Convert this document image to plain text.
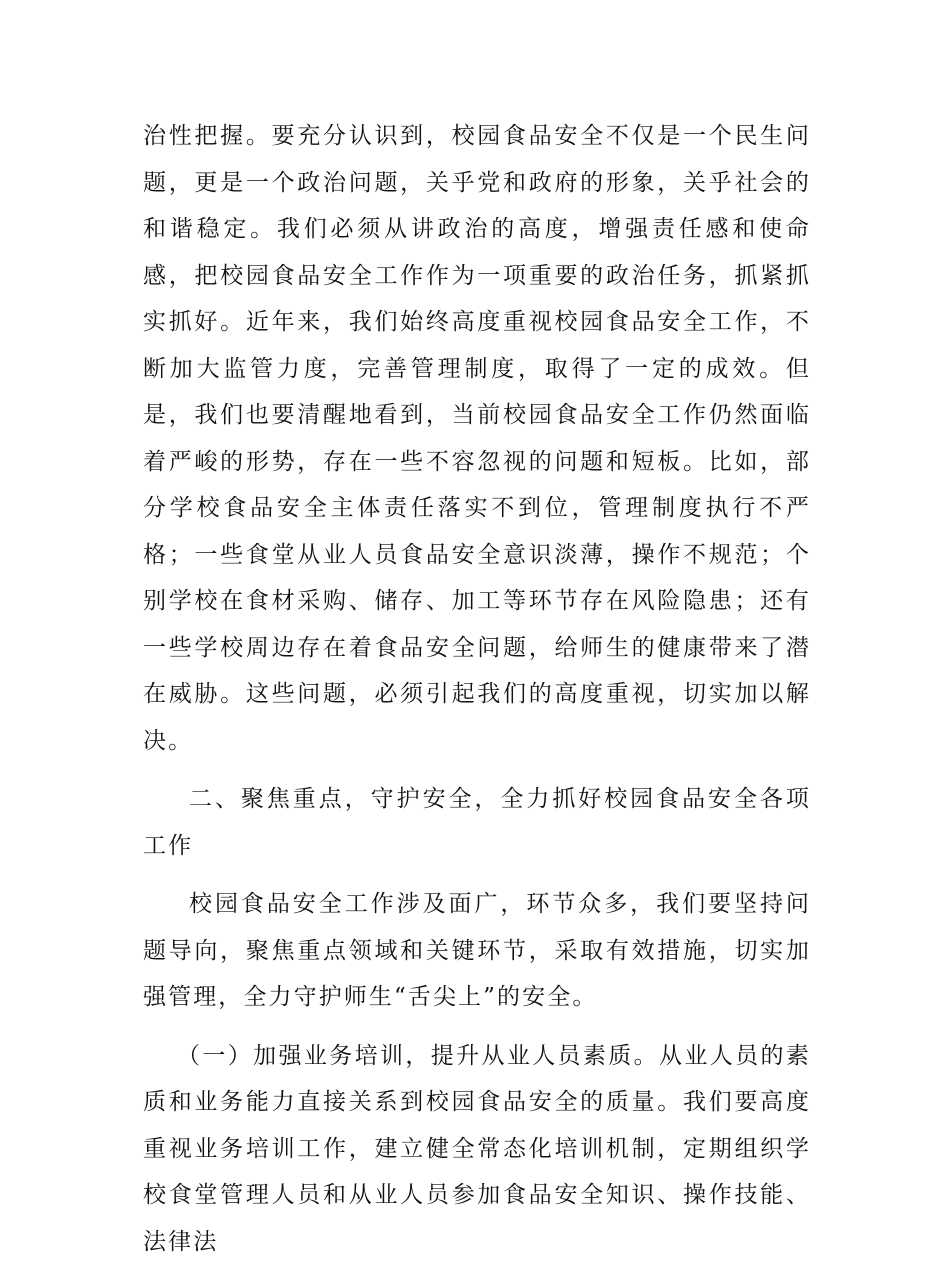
治性把握。要充分认识到，校园食品安全不仅是一个民生问题，更是一个政治问题，关乎党和政府的形象，关乎社会的和谐稳定。我们必须从讲政治的高度，增强责任感和使命感，把校园食品安全工作作为一项重要的政治任务，抓紧抓实抓好。近年来，我们始终高度重视校园食品安全工作，不断加大监管力度，完善管理制度，取得了一定的成效。但是，我们也要清醒地看到，当前校园食品安全工作仍然面临着严峻的形势，存在一些不容忽视的问题和短板。比如，部分学校食品安全主体责任落实不到位，管理制度执行不严格；一些食堂从业人员食品安全意识淡薄，操作不规范；个别学校在食材采购、储存、加工等环节存在风险隐患；还有一些学校周边存在着食品安全问题，给师生的健康带来了潜在威胁。这些问题，必须引起我们的高度重视，切实加以解决。

二、聚焦重点，守护安全，全力抓好校园食品安全各项工作

校园食品安全工作涉及面广，环节众多，我们要坚持问题导向，聚焦重点领域和关键环节，采取有效措施，切实加强管理，全力守护师生“舌尖上”的安全。

（一）加强业务培训，提升从业人员素质。从业人员的素质和业务能力直接关系到校园食品安全的质量。我们要高度重视业务培训工作，建立健全常态化培训机制，定期组织学校食堂管理人员和从业人员参加食品安全知识、操作技能、法律法
